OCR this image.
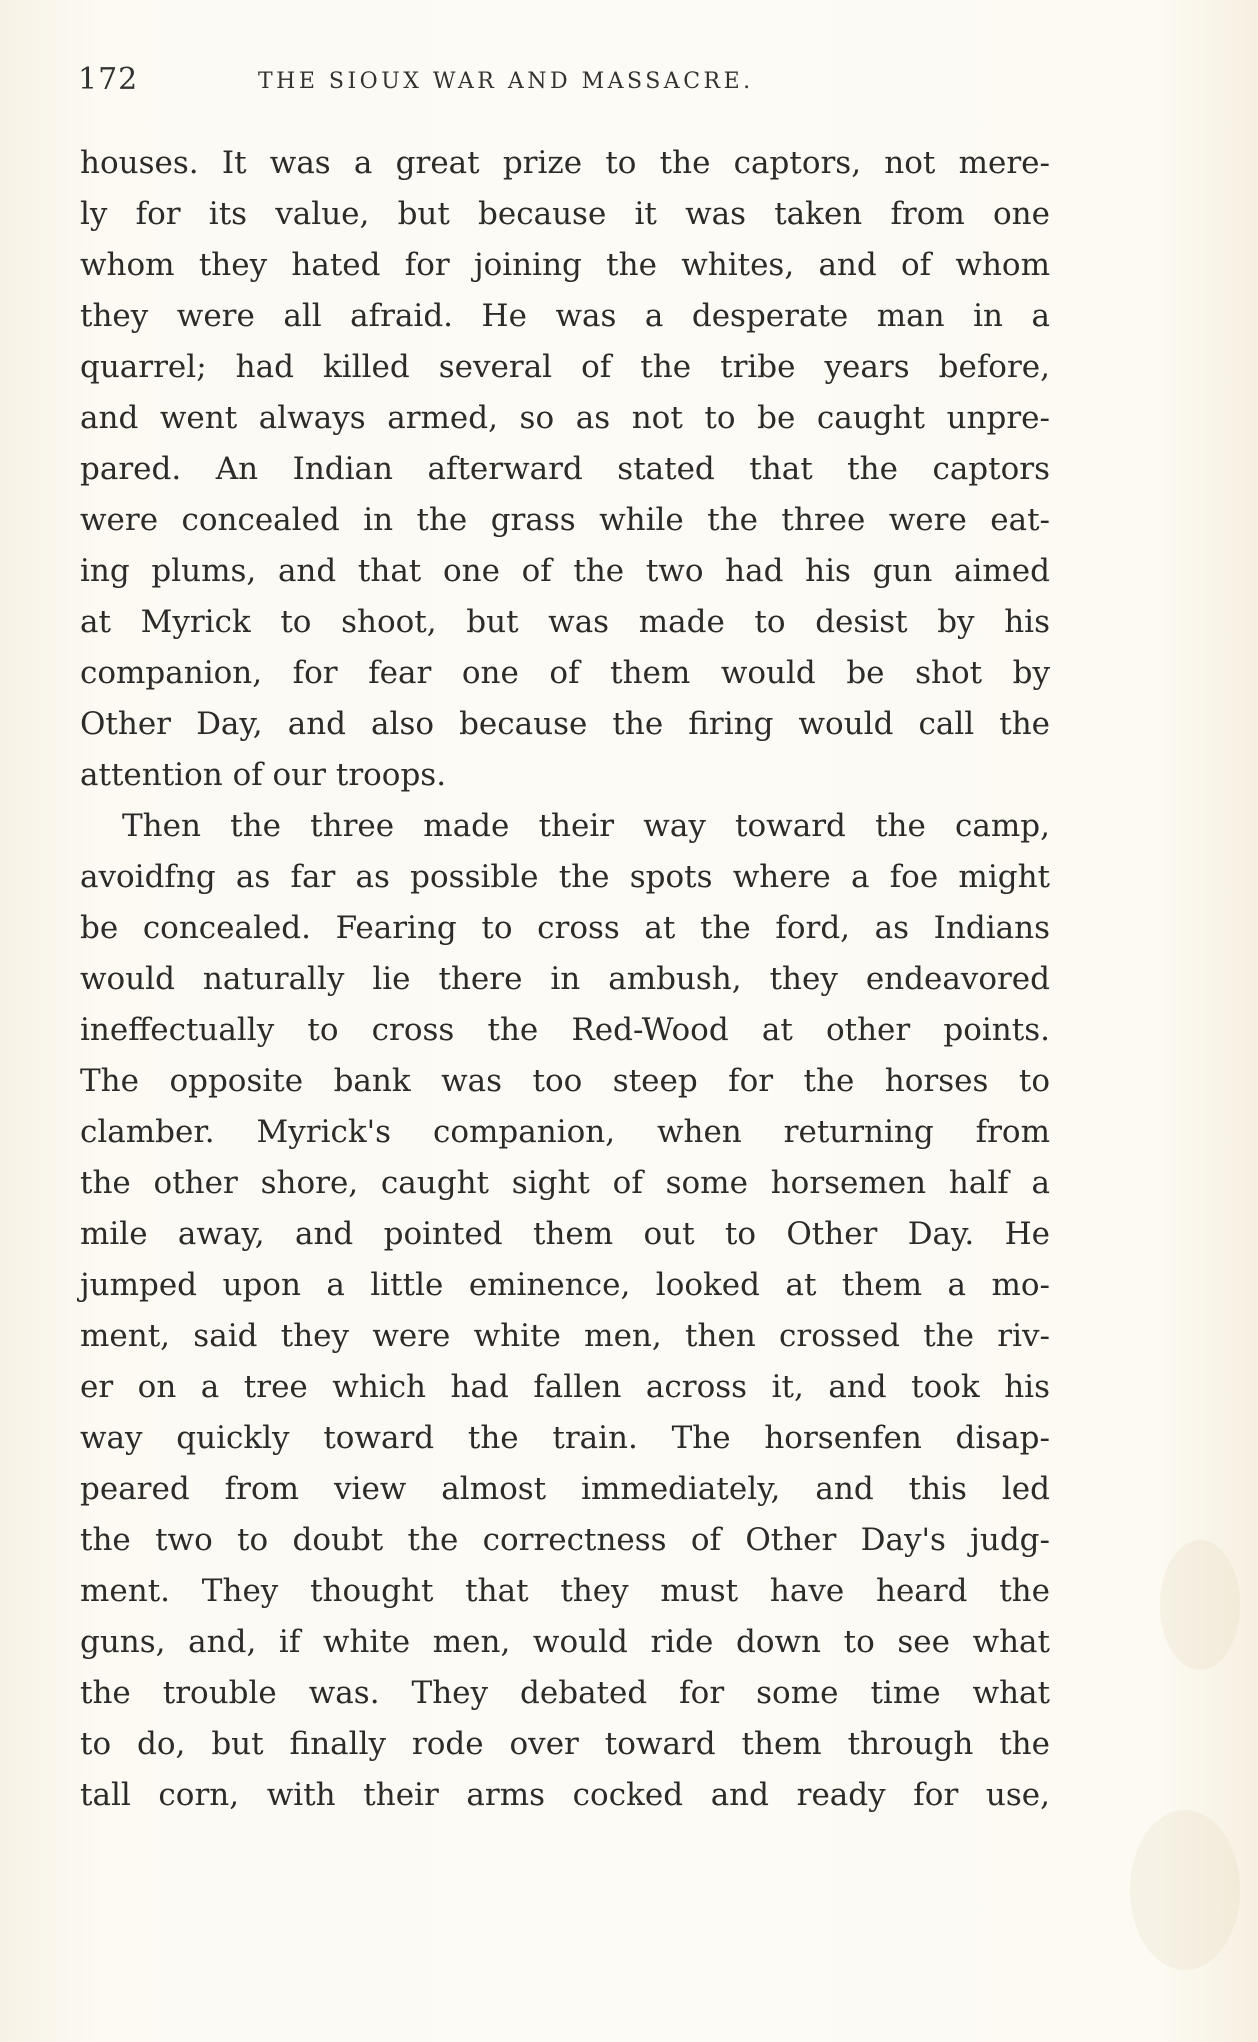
172	THE SIOUX WAR AND MASSACRE.
houses. It was a great prize to the captors, not mere-
ly for its value, but because it was taken from one
whom they hated for joining the whites, and of whom
they were all afraid. He was a desperate man in a
quarrel; had killed several of the tribe years before,
and went always armed, so as not to be caught unpre-
pared. An Indian afterward stated that the captors
were concealed in the grass while the three were eat-
ing plums, and that one of the two had his gun aimed
at Myrick to shoot, but was made to desist by his
companion, for fear one of them would be shot by
Other Day, and also because the firing would call the
attention of our troops.
Then the three made their way toward the camp,
avoidfng as far as possible the spots where a foe might
be concealed. Fearing to cross at the ford, as Indians
would naturally lie there in ambush, they endeavored
ineffectually to cross the Red-Wood at other points.
The opposite bank was too steep for the horses to
clamber. Myrick's companion, when returning from
the other shore, caught sight of some horsemen half a
mile away, and pointed them out to Other Day. He
jumped upon a little eminence, looked at them a mo-
ment, said they were white men, then crossed the riv-
er on a tree which had fallen across it, and took his
way quickly toward the train. The horsenfen disap-
peared from view almost immediately, and this led
the two to doubt the correctness of Other Day's judg-
ment. They thought that they must have heard the
guns, and, if white men, would ride down to see what
the trouble was. They debated for some time what
to do, but finally rode over toward them through the
tall corn, with their arms cocked and ready for use,
